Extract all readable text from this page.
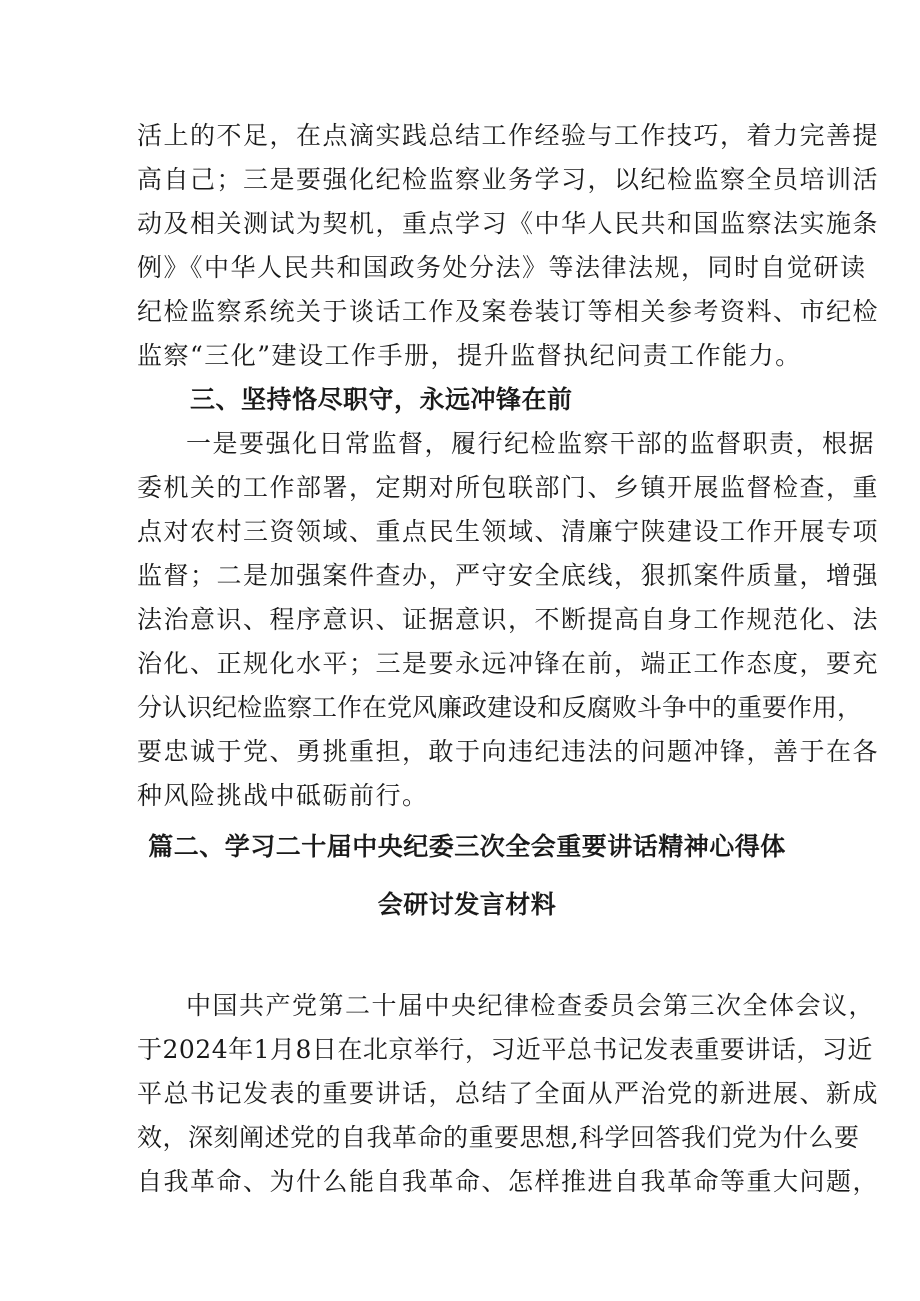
活上的不足，在点滴实践总结工作经验与工作技巧，着力完善提
高自己；三是要强化纪检监察业务学习，以纪检监察全员培训活
动及相关测试为契机，重点学习《中华人民共和国监察法实施条
例》《中华人民共和国政务处分法》等法律法规，同时自觉研读
纪检监察系统关于谈话工作及案卷装订等相关参考资料、市纪检
监察“三化”建设工作手册，提升监督执纪问责工作能力。
三、坚持恪尽职守，永远冲锋在前
一是要强化日常监督，履行纪检监察干部的监督职责，根据
委机关的工作部署，定期对所包联部门、乡镇开展监督检查，重
点对农村三资领域、重点民生领域、清廉宁陕建设工作开展专项
监督；二是加强案件查办，严守安全底线，狠抓案件质量，增强
法治意识、程序意识、证据意识，不断提高自身工作规范化、法
治化、正规化水平；三是要永远冲锋在前，端正工作态度，要充
分认识纪检监察工作在党风廉政建设和反腐败斗争中的重要作用，
要忠诚于党、勇挑重担，敢于向违纪违法的问题冲锋，善于在各
种风险挑战中砥砺前行。
篇二、学习二十届中央纪委三次全会重要讲话精神心得体
会研讨发言材料
中国共产党第二十届中央纪律检查委员会第三次全体会议，
于2024年1月8日在北京举行，习近平总书记发表重要讲话，习近
平总书记发表的重要讲话，总结了全面从严治党的新进展、新成
效，深刻阐述党的自我革命的重要思想,科学回答我们党为什么要
自我革命、为什么能自我革命、怎样推进自我革命等重大问题，
